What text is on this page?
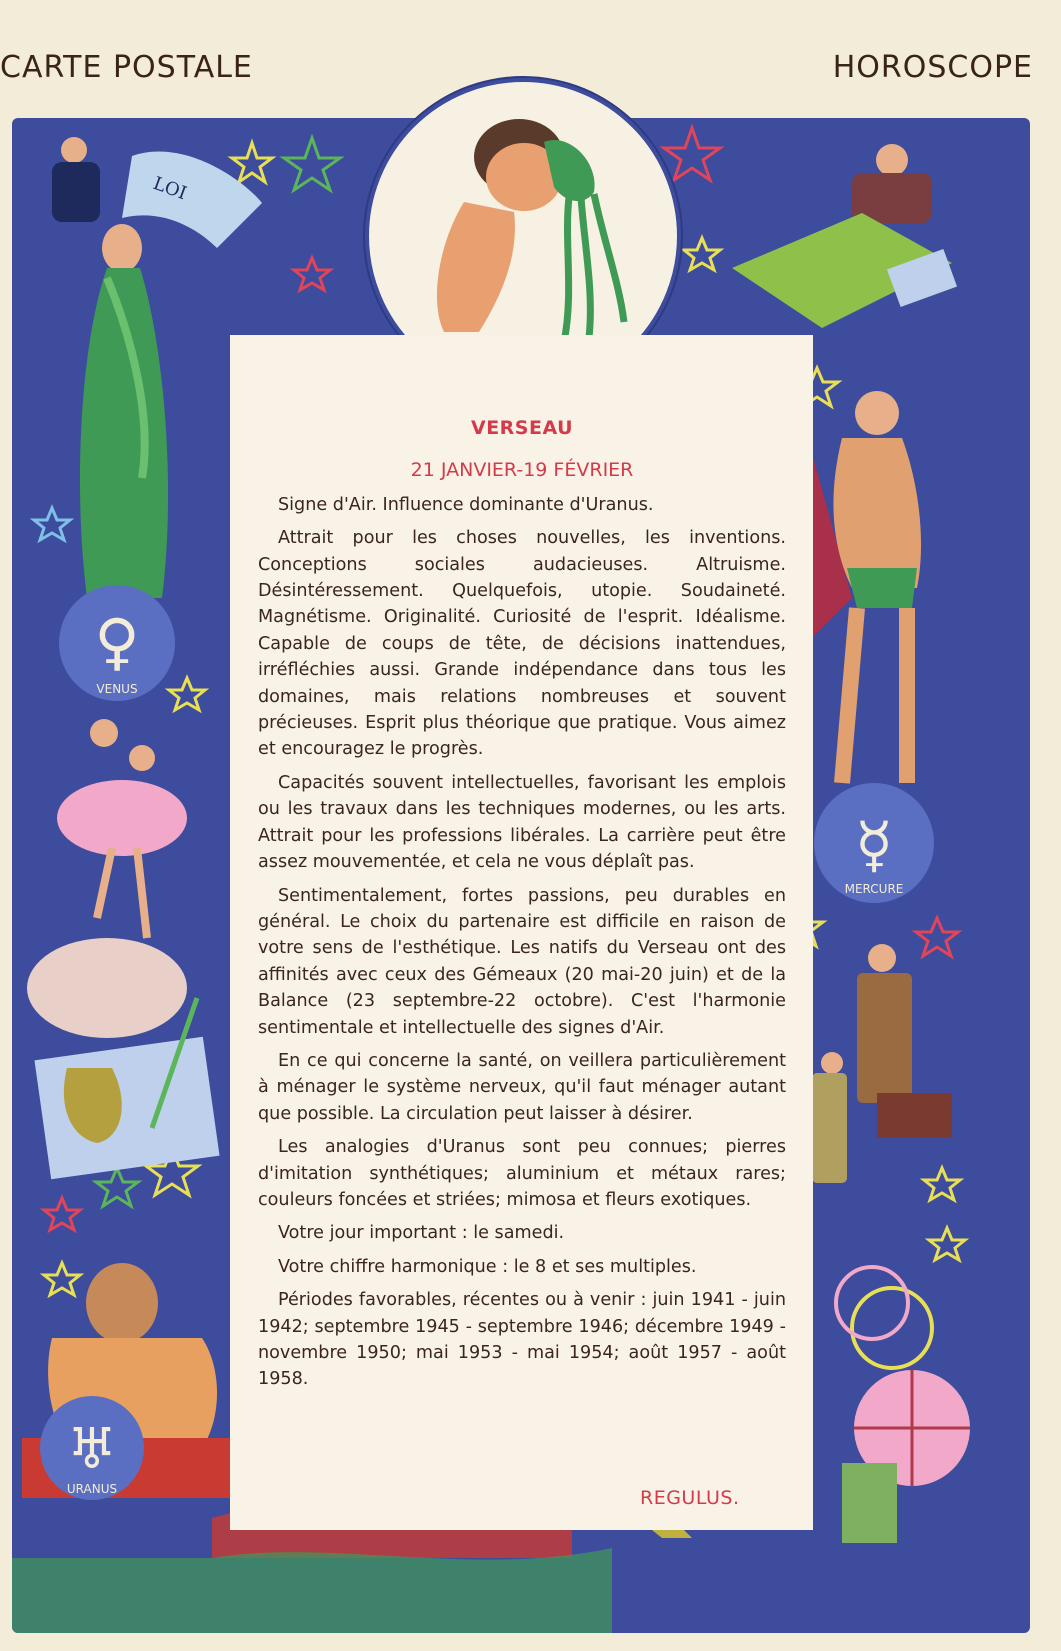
CARTE POSTALE	HOROSCOPE
LOI
♀
VENUS
♅
URANUS
☿
MERCURE
VERSEAU
21 JANVIER-19 FÉVRIER

Signe d'Air. Influence dominante d'Uranus.

Attrait pour les choses nouvelles, les inventions. Conceptions sociales audacieuses. Altruisme. Désintéressement. Quelquefois, utopie. Soudaineté. Magnétisme. Originalité. Curiosité de l'esprit. Idéalisme. Capable de coups de tête, de décisions inattendues, irréfléchies aussi. Grande indépendance dans tous les domaines, mais relations nombreuses et souvent précieuses. Esprit plus théorique que pratique. Vous aimez et encouragez le progrès.

Capacités souvent intellectuelles, favorisant les emplois ou les travaux dans les techniques modernes, ou les arts. Attrait pour les professions libérales. La carrière peut être assez mouvementée, et cela ne vous déplaît pas.

Sentimentalement, fortes passions, peu durables en général. Le choix du partenaire est difficile en raison de votre sens de l'esthétique. Les natifs du Verseau ont des affinités avec ceux des Gémeaux (20 mai-20 juin) et de la Balance (23 septembre-22 octobre). C'est l'harmonie sentimentale et intellectuelle des signes d'Air.

En ce qui concerne la santé, on veillera particulièrement à ménager le système nerveux, qu'il faut ménager autant que possible. La circulation peut laisser à désirer.

Les analogies d'Uranus sont peu connues; pierres d'imitation synthétiques; aluminium et métaux rares; couleurs foncées et striées; mimosa et fleurs exotiques.

Votre jour important : le samedi.

Votre chiffre harmonique : le 8 et ses multiples.

Périodes favorables, récentes ou à venir : juin 1941 - juin 1942; septembre 1945 - septembre 1946; décembre 1949 - novembre 1950; mai 1953 - mai 1954; août 1957 - août 1958.

REGULUS.
